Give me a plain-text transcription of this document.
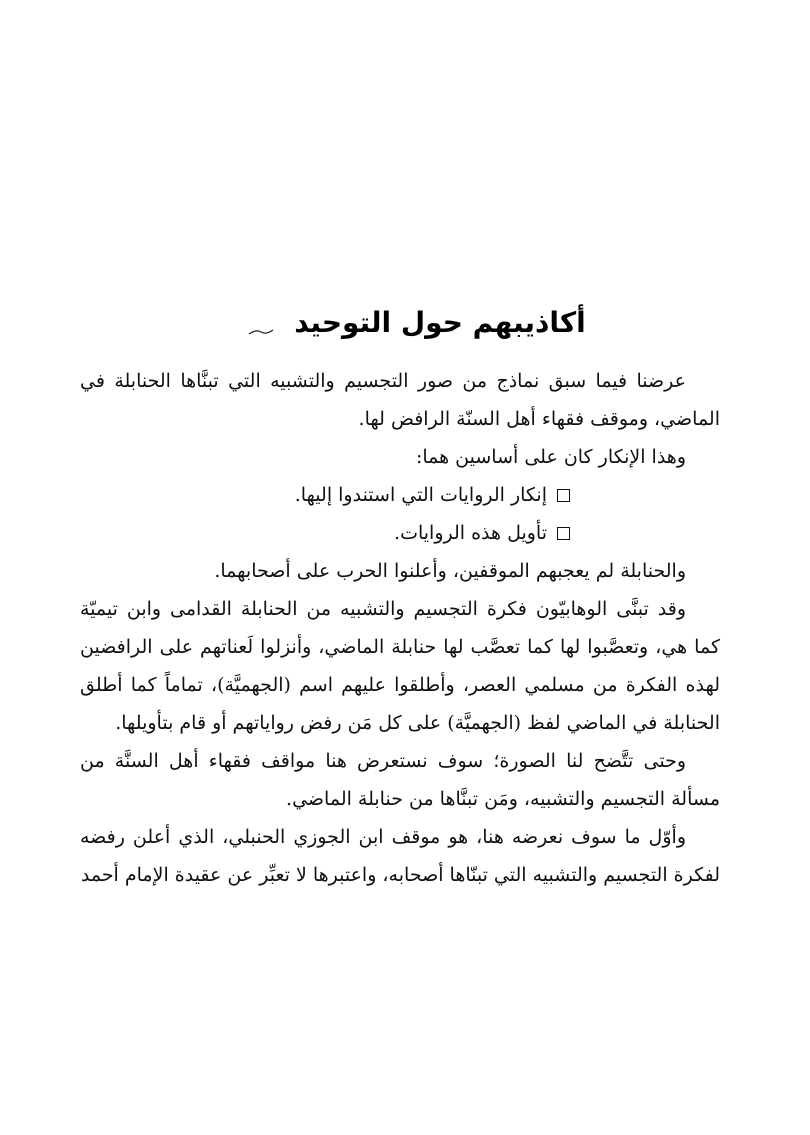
أكاذيبهم حول التوحيد

عرضنا فيما سبق نماذج من صور التجسيم والتشبيه التي تبنَّاها الحنابلة في الماضي، وموقف فقهاء أهل السنّة الرافض لها.

وهذا الإنكار كان على أساسين هما:

إنكار الروايات التي استندوا إليها.

تأويل هذه الروايات.

والحنابلة لم يعجبهم الموقفين، وأعلنوا الحرب على أصحابهما.

وقد تبنَّى الوهابيّون فكرة التجسيم والتشبيه من الحنابلة القدامى وابن تيميّة كما هي، وتعصَّبوا لها كما تعصَّب لها حنابلة الماضي، وأنزلوا لَعناتهم على الرافضين لهذه الفكرة من مسلمي العصر، وأطلقوا عليهم اسم (الجهميَّة)، تماماً كما أطلق الحنابلة في الماضي لفظ (الجهميَّة) على كل مَن رفض رواياتهم أو قام بتأويلها.

وحتى تتَّضح لنا الصورة؛ سوف نستعرض هنا مواقف فقهاء أهل السنَّة من مسألة التجسيم والتشبيه، ومَن تبنَّاها من حنابلة الماضي.

وأوّل ما سوف نعرضه هنا، هو موقف ابن الجوزي الحنبلي، الذي أعلن رفضه لفكرة التجسيم والتشبيه التي تبنّاها أصحابه، واعتبرها لا تعبِّر عن عقيدة الإمام أحمد
